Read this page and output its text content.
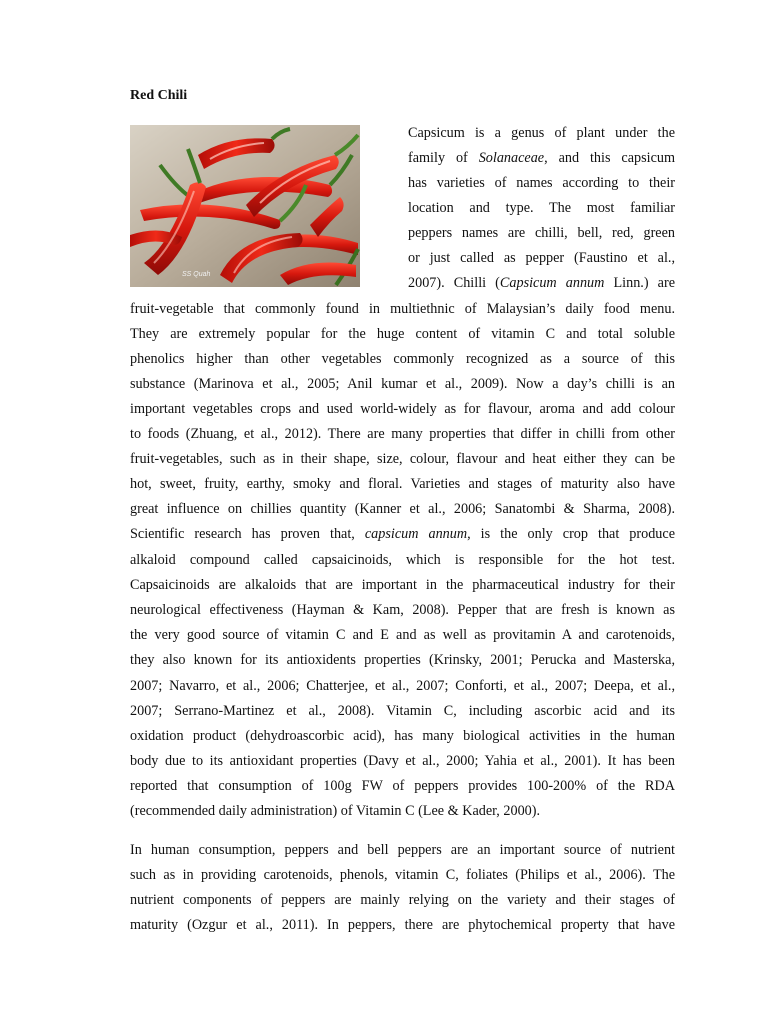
Red Chili
SS Quah
Capsicum is a genus of plant under the
family of Solanaceae, and this capsicum
has varieties of names according to their
location and type. The most familiar
peppers names are chilli, bell, red, green
or just called as pepper (Faustino et al.,
2007). Chilli (Capsicum annum Linn.) are
fruit-vegetable that commonly found in multiethnic of Malaysian’s daily food menu.
They are extremely popular for the huge content of vitamin C and total soluble
phenolics higher than other vegetables commonly recognized as a source of this
substance (Marinova et al., 2005; Anil kumar et al., 2009). Now a day’s chilli is an
important vegetables crops and used world-widely as for flavour, aroma and add colour
to foods (Zhuang, et al., 2012). There are many properties that differ in chilli from other
fruit-vegetables, such as in their shape, size, colour, flavour and heat either they can be
hot, sweet, fruity, earthy, smoky and floral. Varieties and stages of maturity also have
great influence on chillies quantity (Kanner et al., 2006; Sanatombi & Sharma, 2008).
Scientific research has proven that, capsicum annum, is the only crop that produce
alkaloid compound called capsaicinoids, which is responsible for the hot test.
Capsaicinoids are alkaloids that are important in the pharmaceutical industry for their
neurological effectiveness (Hayman & Kam, 2008). Pepper that are fresh is known as
the very good source of vitamin C and E and as well as provitamin A and carotenoids,
they also known for its antioxidents properties (Krinsky, 2001; Perucka and Masterska,
2007; Navarro, et al., 2006; Chatterjee, et al., 2007; Conforti, et al., 2007; Deepa, et al.,
2007; Serrano-Martinez et al., 2008). Vitamin C, including ascorbic acid and its
oxidation product (dehydroascorbic acid), has many biological activities in the human
body due to its antioxidant properties (Davy et al., 2000; Yahia et al., 2001). It has been
reported that consumption of 100g FW of peppers provides 100-200% of the RDA
(recommended daily administration) of Vitamin C (Lee & Kader, 2000).
In human consumption, peppers and bell peppers are an important source of nutrient
such as in providing carotenoids, phenols, vitamin C, foliates (Philips et al., 2006). The
nutrient components of peppers are mainly relying on the variety and their stages of
maturity (Ozgur et al., 2011). In peppers, there are phytochemical property that have
